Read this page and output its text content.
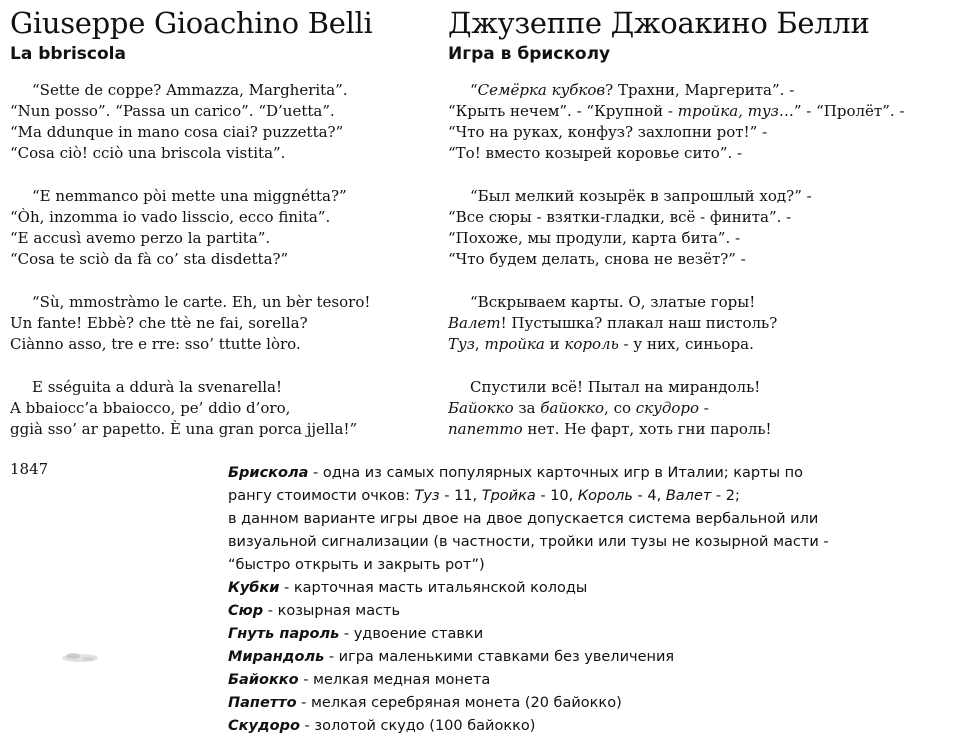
Giuseppe Gioachino Belli
La bbriscola
“Sette de coppe? Ammazza, Margherita”.
“Nun posso”. “Passa un carico”. “D’uetta”.
“Ma ddunque in mano cosa ciai? puzzetta?”
“Cosa ciò! cciò una briscola vistita”.
“E nemmanco pòi mette una miggnétta?”
“Òh, inzomma io vado lisscio, ecco finita”.
“E accusì avemo perzo la partita”.
“Cosa te sciò da fà co’ sta disdetta?”
“Sù, mmostràmo le carte. Eh, un bèr tesoro!
Un fante! Ebbè? che ttè ne fai, sorella?
Ciànno asso, tre e rre: sso’ ttutte lòro.
E sséguita a ddurà la svenarella!
A bbaiocc’a bbaiocco, pe’ ddio d’oro,
ggià sso’ ar papetto. È una gran porca jjella!”
Джузеппе Джоакино Белли
Игра в брисколу
“Семёрка кубков? Трахни, Маргерита”. -
“Крыть нечем”. - “Крупной - тройка, туз…” - “Пролёт”. -
“Что на руках, конфуз? захлопни рот!” -
“То! вместо козырей коровье сито”. -
“Был мелкий козырёк в запрошлый ход?” -
“Все сюры - взятки-гладки, всё - финита”. -
“Похоже, мы продули, карта бита”. -
“Что будем делать, снова не везёт?” -
“Вскрываем карты. О, златые горы!
Валет! Пустышка? плакал наш пистоль?
Туз, тройка и король - у них, синьора.
Спустили всё! Пытал на мирандоль!
Байокко за байокко, со скудоро -
папетто нет. Не фарт, хоть гни пароль!
1847	Брискола - одна из самых популярных карточных игр в Италии; карты по
рангу стоимости очков: Туз - 11, Тройка - 10, Король - 4, Валет - 2;
в данном варианте игры двое на двое допускается система вербальной или
визуальной сигнализации (в частности, тройки или тузы не козырной масти -
“быстро открыть и закрыть рот”)
Кубки - карточная масть итальянской колоды
Сюр - козырная масть
Гнуть пароль - удвоение ставки
Мирандоль - игра маленькими ставками без увеличения
Байокко - мелкая медная монета
Папетто - мелкая серебряная монета (20 байокко)
Скудоро - золотой скудо (100 байокко)
